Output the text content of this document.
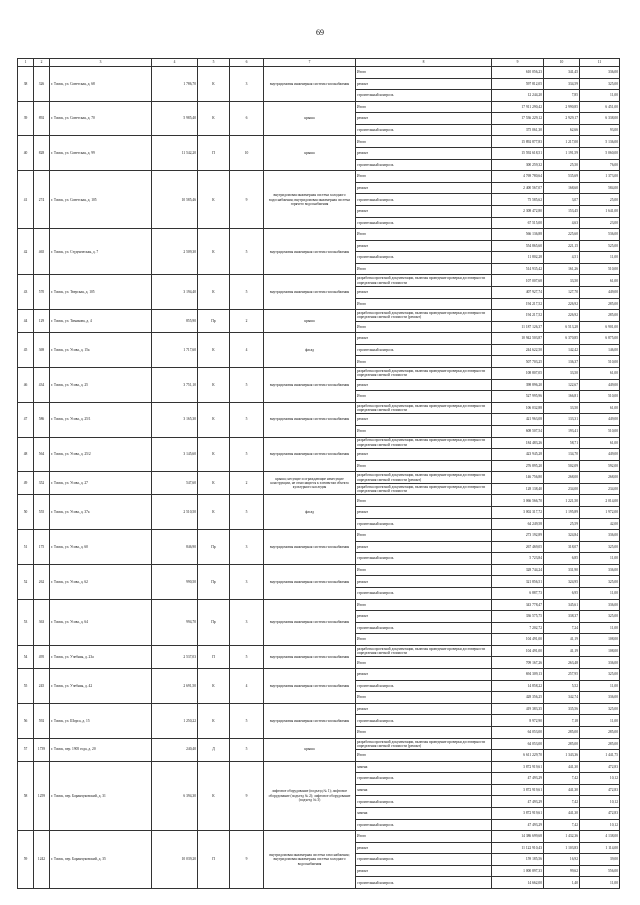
69
1	2	3	4	5	6	7	8	9	10	11
38	326	г. Томск, ул. Советская, д. 68	1 786,70	К	3	внутридомовая инженерная система газоснабжения	Итого	610 056,23	341,45	336,00
							ремонт	597 812,05	334,59	325,00
							строительный контроль	12 244,20	7,85	11,00
39	892	г. Томск, ул. Советская, д. 70	5 985,40	К	6	крыша	Итого	17 911 290,42	2 990,85	6 451,00
							ремонт	17 536 229,12	2 929,17	6 338,00
							строительный контроль	375 061,30	62,66	93,00
40	828	г. Томск, ул. Советская, д. 99	11 542,20	П	10	крыша	Итого	15 892 877,83	1 217,00	5 136,00
							ремонт	15 592 618,51	1 191,59	5 060,00
							строительный контроль	300 259,32	25,50	76,00
41	274	г. Томск, ул. Советская, д. 105	10 585,46	К	9	внутридомовая инженерная система холодного водоснабжения; внутридомовая инженерная система горячего водоснабжения	Итого	4 769 780,64	535,69	1 373,00
							ремонт	2 400 567,07	168,60	584,00
							строительный контроль	75 585,62	3,07	25,00
							ремонт	2 308 472,80	153,45	1 641,00
							строительный контроль	67 515,00	4,63	23,00
42	465	г. Томск, ул. Студенческая, д. 7	2 509,30	К	5	внутридомовая инженерная система газоснабжения	Итого	566 136,88	225,60	536,00
							ремонт	554 865,60	221,15	525,00
							строительный контроль	11 802,28	4,51	11,00
							Итого	514 935,42	161,26	510,00
43	570	г. Томск, ул. Тверская, д. 105	3 194,40	К	5	внутридомовая инженерная система газоснабжения	разработка проектной документации, включая проведение проверки достоверности определения сметной стоимости	107 007,68	33,50	61,00
							ремонт	407 927,74	127,70	449,00
							Итого	194 217,52	226,92	285,00
44	129	г. Томск, ул. Тимакова, д. 4	855,90	Пр	2	крыша	разработка проектной документации, включая проведение проверки достоверности определения сметной стоимости (ремонт)	194 217,52	226,92	285,00
							Итого	11 187 126,37	6 513,28	6 901,00
45	369	г. Томск, ул. Усова, д. 15а	1 717,60	К	4	фасад	ремонт	10 942 503,87	6 370,85	6 875,00
							строительный контроль	244 622,50	142,42	146,00
							Итого	507 703,25	136,37	510,00
46	434	г. Томск, ул. Усова, д. 25	3 751,10	К	5	внутридомовая инженерная система газоснабжения	разработка проектной документации, включая проведение проверки достоверности определения сметной стоимости	108 807,05	33,50	61,00
							ремонт	398 896,20	122,67	449,00
							Итого	527 995,96	166,81	510,00
47	586	г. Томск, ул. Усова, д. 25/1	3 165,30	К	5	внутридомовая инженерная система газоснабжения	разработка проектной документации, включая проведение проверки достоверности определения сметной стоимости	106 032,88	33,50	61,00
							ремонт	421 963,08	133,31	449,00
							Итого	608 507,54	193,41	510,00
48	564	г. Томск, ул. Усова, д. 25/2	3 145,60	К	5	внутридомовая инженерная система газоснабжения	разработка проектной документации, включая проведение проверки достоверности определения сметной стоимости	184 483,26	58,71	61,00
							ремонт	423 945,28	134,70	449,00
							Итого	276 895,20	502,09	592,00
49	352	г. Томск, ул. Усова, д. 27	547,60	К	2	крыша; несущие и ограждающие ненесущие конструкции, не относящиеся к элементам объекта культурного наследия	разработка проектной документации, включая проведение проверки достоверности определения сметной стоимости (ремонт)	146 756,80	268,00	268,00
							разработка проектной документации, включая проведение проверки достоверности определения сметной стоимости	128 138,40	234,00	234,00
50	555	г. Томск, ул. Усова, д. 37а	2 510,50	К	5	фасад	Итого	3 066 566,70	1 221,50	2 014,00
							ремонт	3 002 317,72	1 195,89	1 972,00
							строительный контроль	64 249,58	25,59	42,00
51	175	г. Томск, ул. Усова, д. 60	846,90	Пр	3	внутридомовая инженерная система газоснабжения	Итого	273 192,89	324,84	336,00
							ремонт	267 469,05	318,07	325,00
							строительный контроль	5 723,84	6,85	11,00
52	262	г. Томск, ул. Усова, д. 62	990,50	Пр	3	внутридомовая инженерная система газоснабжения	Итого	328 744,24	331,90	336,00
							ремонт	321 856,51	324,95	325,00
							строительный контроль	6 887,73	6,95	11,00
53	363	г. Томск, ул. Усова, д. 64	994,70	Пр	3	внутридомовая инженерная система газоснабжения	Итого	343 778,47	345,61	336,00
							ремонт	336 575,75	338,37	325,00
							строительный контроль	7 202,72	7,24	11,00
							Итого	104 491,00	41,19	108,00
54	495	г. Томск, ул. Учебная, д. 23а	2 537,03	П	5	внутридомовая инженерная система газоснабжения	разработка проектной документации, включая проведение проверки достоверности определения сметной стоимости	104 491,00	41,19	108,00
							Итого	709 167,26	263,48	336,00
55	245	г. Томск, ул. Учебная, д. 42	2 691,50	К	4	внутридомовая инженерная система газоснабжения	ремонт	694 309,13	257,95	325,00
							строительный контроль	14 858,22	5,52	11,00
							Итого	428 356,25	342,74	336,00
56	592	г. Томск, ул. Шорса, д. 15	1 250,22	К	5	внутридомовая инженерная система газоснабжения	ремонт	419 383,35	335,56	325,00
							строительный контроль	8 972,90	7,18	11,00
							Итого	64 053,00	285,00	285,00
57	1739	г. Томск, пер. 1905 года, д. 20	240,40	Д	5	крыша	разработка проектной документации, включая проведение проверки достоверности определения сметной стоимости (ремонт)	64 053,00	285,00	285,00
							Итого	6 611 229,70	1 343,36	1 441,75
58	1259	г. Томск, пер. Баранчуковский, д. 31	6 394,30	К	9	лифтовое оборудование (подъезд № 1); лифтовое оборудование (подъезд № 2); лифтовое оборудование (подъезд № 3)	замена	3 872 919,61	441,30	472,83
							строительный контроль	47 493,29	7,42	10,12
							замена	3 872 919,61	441,30	472,83
							строительный контроль	47 493,29	7,42	10,12
							замена	3 872 919,61	441,30	472,83
							строительный контроль	47 493,29	7,42	10,12
59	1242	г. Томск, пер. Баранчуковский, д. 35	10 039,20	П	9	внутридомовая инженерная система газоснабжения; внутридомовая инженерная система холодного водоснабжения	Итого	14 386 699,68	1 432,36	4 138,00
							ремонт	11 122 910,43	1 103,83	1 114,00
							строительный контроль	159 185,56	16,92	39,00
							ремонт	1 000 897,33	99,62	556,00
							строительный контроль	14 662,00	1,40	11,00
